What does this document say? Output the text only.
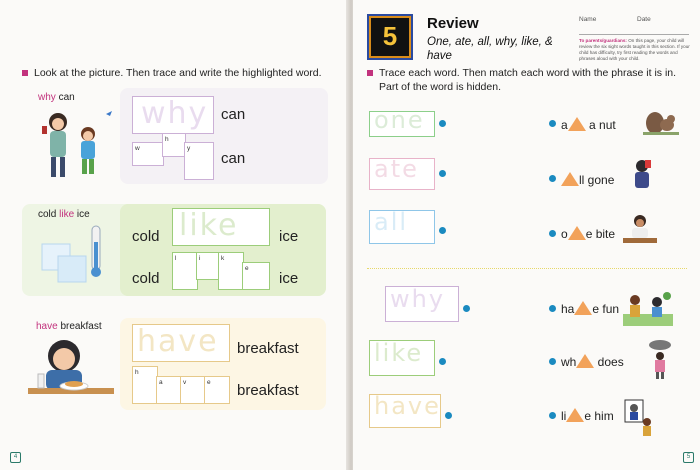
Look at the picture. Then trace and write the highlighted word.
why can why can
w
h
y
can
cold like ice
cold like	ice
cold
l	i	k
e
ice
have breakfast have breakfast
h
a	v	e breakfast
4
5	Review
One, ate, all, why, like, &
have
Name	Date
To parents/guardians: On this page, your child will review the six sight words taught in this section. If your child has difficulty, try first reading the words and phrases aloud with your child.
Trace each word. Then match each word with the phrase it is in.
Part of the word is hidden.
one
ate
all
why
like
have
a a nut
ll gone
o e bite
ha e fun
wh does
li e him
5
